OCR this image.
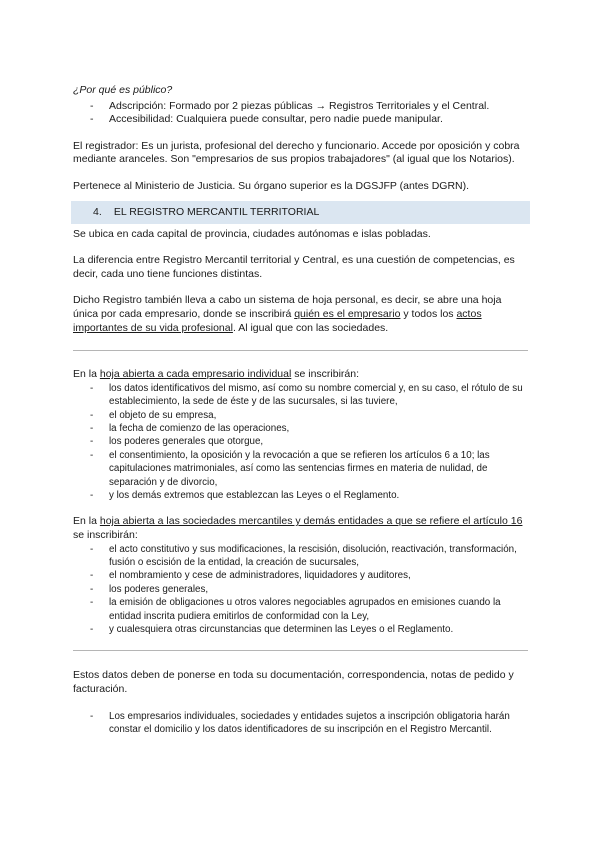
¿Por qué es público?

- Adscripción: Formado por 2 piezas públicas → Registros Territoriales y el Central.
- Accesibilidad: Cualquiera puede consultar, pero nadie puede manipular.

El registrador: Es un jurista, profesional del derecho y funcionario. Accede por oposición y cobra mediante aranceles. Son "empresarios de sus propios trabajadores" (al igual que los Notarios).

Pertenece al Ministerio de Justicia. Su órgano superior es la DGSJFP (antes DGRN).

4. EL REGISTRO MERCANTIL TERRITORIAL

Se ubica en cada capital de provincia, ciudades autónomas e islas pobladas.

La diferencia entre Registro Mercantil territorial y Central, es una cuestión de competencias, es decir, cada uno tiene funciones distintas.

Dicho Registro también lleva a cabo un sistema de hoja personal, es decir, se abre una hoja única por cada empresario, donde se inscribirá quién es el empresario y todos los actos importantes de su vida profesional. Al igual que con las sociedades.

En la hoja abierta a cada empresario individual se inscribirán:

- los datos identificativos del mismo, así como su nombre comercial y, en su caso, el rótulo de su establecimiento, la sede de éste y de las sucursales, si las tuviere,
- el objeto de su empresa,
- la fecha de comienzo de las operaciones,
- los poderes generales que otorgue,
- el consentimiento, la oposición y la revocación a que se refieren los artículos 6 a 10; las capitulaciones matrimoniales, así como las sentencias firmes en materia de nulidad, de separación y de divorcio,
- y los demás extremos que establezcan las Leyes o el Reglamento.

En la hoja abierta a las sociedades mercantiles y demás entidades a que se refiere el artículo 16 se inscribirán:

- el acto constitutivo y sus modificaciones, la rescisión, disolución, reactivación, transformación, fusión o escisión de la entidad, la creación de sucursales,
- el nombramiento y cese de administradores, liquidadores y auditores,
- los poderes generales,
- la emisión de obligaciones u otros valores negociables agrupados en emisiones cuando la entidad inscrita pudiera emitirlos de conformidad con la Ley,
- y cualesquiera otras circunstancias que determinen las Leyes o el Reglamento.

Estos datos deben de ponerse en toda su documentación, correspondencia, notas de pedido y facturación.

- Los empresarios individuales, sociedades y entidades sujetos a inscripción obligatoria harán constar el domicilio y los datos identificadores de su inscripción en el Registro Mercantil.
